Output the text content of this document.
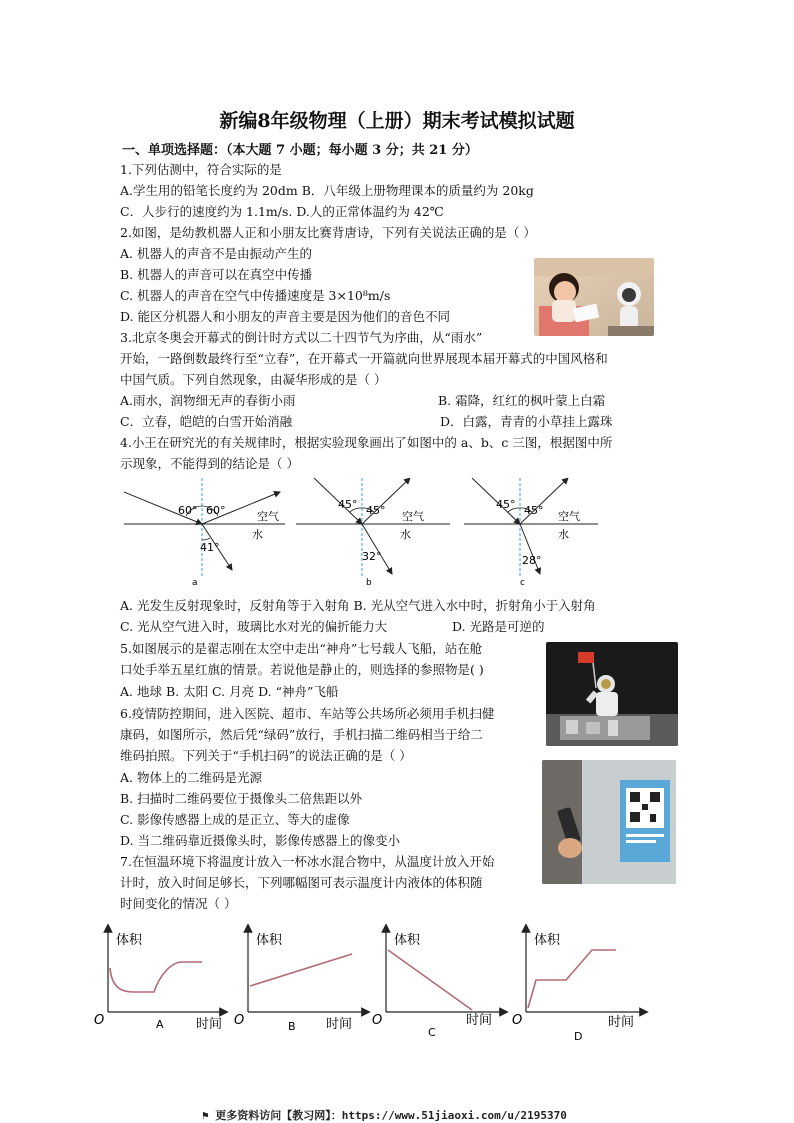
新编8年级物理（上册）期末考试模拟试题
一、单项选择题：（本大题 7 小题；每小题 3 分；共 21 分）
1.下列估测中，符合实际的是
A.学生用的铅笔长度约为 20dm B．八年级上册物理课本的质量约为 20kg
C．人步行的速度约为 1.1m/s. D.人的正常体温约为 42℃
2.如图，是幼教机器人正和小朋友比赛背唐诗，下列有关说法正确的是（ ）
A. 机器人的声音不是由振动产生的
B. 机器人的声音可以在真空中传播
C. 机器人的声音在空气中传播速度是 3×10⁸m/s
D. 能区分机器人和小朋友的声音主要是因为他们的音色不同
3.北京冬奥会开幕式的倒计时方式以二十四节气为序曲，从“雨水”
开始，一路倒数最终行至“立春”，在开幕式一开篇就向世界展现本届开幕式的中国风格和
中国气质。下列自然现象，由凝华形成的是（ ）
A.雨水，润物细无声的春街小雨	B. 霜降，红红的枫叶蒙上白霜
C．立春，皑皑的白雪开始消融	D．白露，青青的小草挂上露珠
4.小王在研究光的有关规律时，根据实验现象画出了如图中的 a、b、c 三图，根据图中所
示现象，不能得到的结论是（ ）
60° 60°
41°
空气
水
a
45° 45°
32°
空气
水
b
45° 45°
28°
空气
水
c
A. 光发生反射现象时，反射角等于入射角 B. 光从空气进入水中时，折射角小于入射角
C. 光从空气进入时，玻璃比水对光的偏折能力大	D. 光路是可逆的
5.如图展示的是翟志刚在太空中走出“神舟”七号载人飞船，站在舱
口处手举五星红旗的情景。若说他是静止的，则选择的参照物是( )
A. 地球 B. 太阳 C. 月亮 D. “神舟”飞船
6.疫情防控期间，进入医院、超市、车站等公共场所必须用手机扫健
康码，如图所示，然后凭“绿码”放行，手机扫描二维码相当于给二
维码拍照。下列关于“手机扫码”的说法正确的是（ ）
A. 物体上的二维码是光源
B. 扫描时二维码要位于摄像头二倍焦距以外
C. 影像传感器上成的是正立、等大的虚像
D. 当二维码靠近摄像头时，影像传感器上的像变小
7.在恒温环境下将温度计放入一杯冰水混合物中，从温度计放入开始
计时，放入时间足够长，下列哪幅图可表示温度计内液体的体积随
时间变化的情况（ ）
体积
O	A 时间
体积
O	B 时间
体积
O
C
时间
体积
O
D
时间
⚑ 更多资料访问【教习网】：https://www.51jiaoxi.com/u/2195370
